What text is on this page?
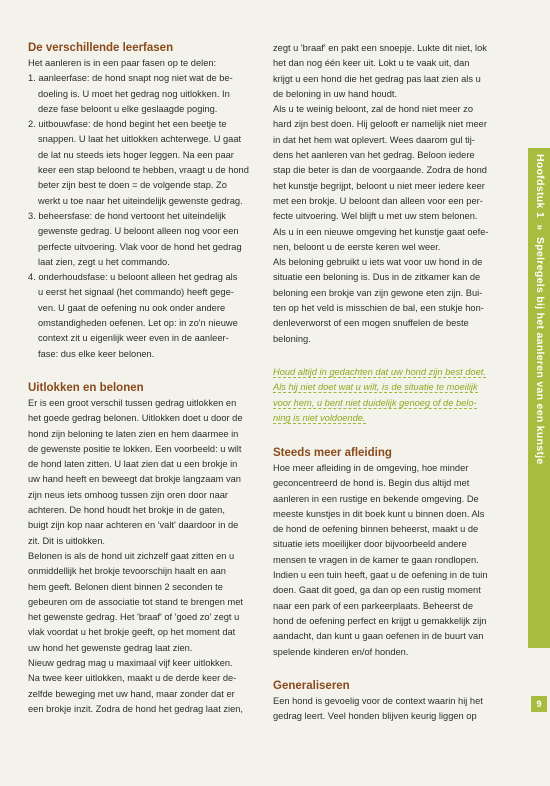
Hoofdstuk 1  »  Spelregels bij het aanleren van een kunstje
9
De verschillende leerfasen
Het aanleren is in een paar fasen op te delen:
1. aanleerfase: de hond snapt nog niet wat de be-
doeling is. U moet het gedrag nog uitlokken. In
deze fase beloont u elke geslaagde poging.
2. uitbouwfase: de hond begint het een beetje te
snappen. U laat het uitlokken achterwege. U gaat
de lat nu steeds iets hoger leggen. Na een paar
keer een stap beloond te hebben, vraagt u de hond
beter zijn best te doen = de volgende stap. Zo
werkt u toe naar het uiteindelijk gewenste gedrag.
3. beheersfase: de hond vertoont het uiteindelijk
gewenste gedrag. U beloont alleen nog voor een
perfecte uitvoering. Vlak voor de hond het gedrag
laat zien, zegt u het commando.
4. onderhoudsfase: u beloont alleen het gedrag als
u eerst het signaal (het commando) heeft gege-
ven. U gaat de oefening nu ook onder andere
omstandigheden oefenen. Let op: in zo'n nieuwe
context zit u eigenlijk weer even in de aanleer-
fase: dus elke keer belonen.
Uitlokken en belonen
Er is een groot verschil tussen gedrag uitlokken en
het goede gedrag belonen. Uitlokken doet u door de
hond zijn beloning te laten zien en hem daarmee in
de gewenste positie te lokken. Een voorbeeld: u wilt
de hond laten zitten. U laat zien dat u een brokje in
uw hand heeft en beweegt dat brokje langzaam van
zijn neus iets omhoog tussen zijn oren door naar
achteren. De hond houdt het brokje in de gaten,
buigt zijn kop naar achteren en 'valt' daardoor in de
zit. Dit is uitlokken.
Belonen is als de hond uit zichzelf gaat zitten en u
onmiddellijk het brokje tevoorschijn haalt en aan
hem geeft. Belonen dient binnen 2 seconden te
gebeuren om de associatie tot stand te brengen met
het gewenste gedrag. Het 'braaf' of 'goed zo' zegt u
vlak voordat u het brokje geeft, op het moment dat
uw hond het gewenste gedrag laat zien.
Nieuw gedrag mag u maximaal vijf keer uitlokken.
Na twee keer uitlokken, maakt u de derde keer de-
zelfde beweging met uw hand, maar zonder dat er
een brokje inzit. Zodra de hond het gedrag laat zien,
zegt u 'braaf' en pakt een snoepje. Lukte dit niet, lok
het dan nog één keer uit. Lokt u te vaak uit, dan
krijgt u een hond die het gedrag pas laat zien als u
de beloning in uw hand houdt.
Als u te weinig beloont, zal de hond niet meer zo
hard zijn best doen. Hij gelooft er namelijk niet meer
in dat het hem wat oplevert. Wees daarom gul tij-
dens het aanleren van het gedrag. Beloon iedere
stap die beter is dan de voorgaande. Zodra de hond
het kunstje begrijpt, beloont u niet meer iedere keer
met een brokje. U beloont dan alleen voor een per-
fecte uitvoering. Wel blijft u met uw stem belonen.
Als u in een nieuwe omgeving het kunstje gaat oefe-
nen, beloont u de eerste keren wel weer.
Als beloning gebruikt u iets wat voor uw hond in de
situatie een beloning is. Dus in de zitkamer kan de
beloning een brokje van zijn gewone eten zijn. Bui-
ten op het veld is misschien de bal, een stukje hon-
denleverworst of een mogen snuffelen de beste
beloning.
Houd altijd in gedachten dat uw hond zijn best doet.
Als hij niet doet wat u wilt, is de situatie te moeilijk
voor hem, u bent niet duidelijk genoeg of de belo-
ning is niet voldoende.
Steeds meer afleiding
Hoe meer afleiding in de omgeving, hoe minder
geconcentreerd de hond is. Begin dus altijd met
aanleren in een rustige en bekende omgeving. De
meeste kunstjes in dit boek kunt u binnen doen. Als
de hond de oefening binnen beheerst, maakt u de
situatie iets moeilijker door bijvoorbeeld andere
mensen te vragen in de kamer te gaan rondlopen.
Indien u een tuin heeft, gaat u de oefening in de tuin
doen. Gaat dit goed, ga dan op een rustig moment
naar een park of een parkeerplaats. Beheerst de
hond de oefening perfect en krijgt u gemakkelijk zijn
aandacht, dan kunt u gaan oefenen in de buurt van
spelende kinderen en/of honden.
Generaliseren
Een hond is gevoelig voor de context waarin hij het
gedrag leert. Veel honden blijven keurig liggen op
